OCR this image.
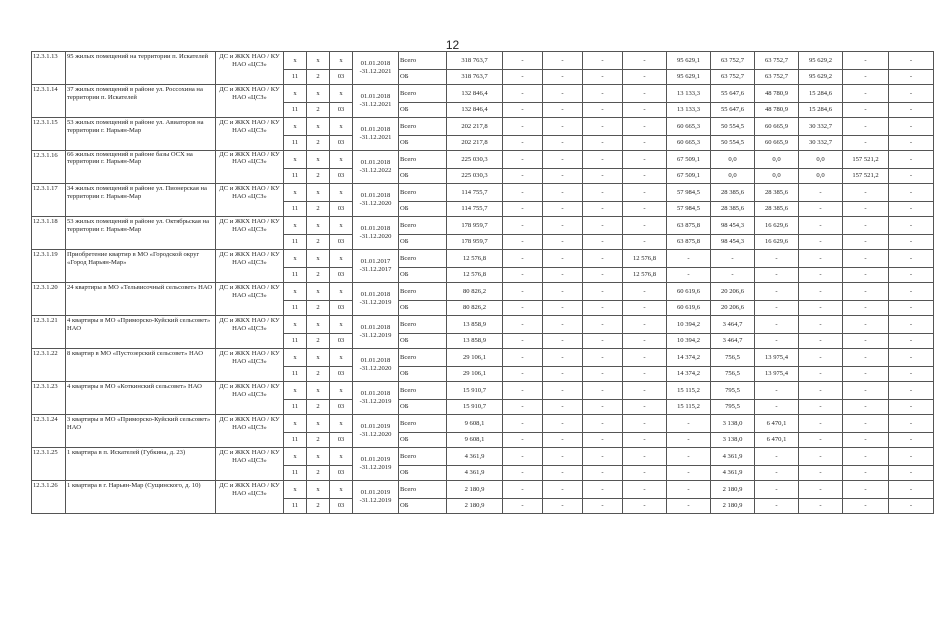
12
12.3.1.13	95 жилых помещений на территории п. Искателей	ДС и ЖКХ НАО / КУ НАО «ЦСЗ»	х	х	х	01.01.2018 -31.12.2021	Всего	318 763,7	-	-	-	-	95 629,1	63 752,7	63 752,7	95 629,2	-	-
			11	2	03		ОБ	318 763,7	-	-	-	-	95 629,1	63 752,7	63 752,7	95 629,2	-	-
12.3.1.14	37 жилых помещений в районе ул. Россохина на территории п. Искателей	ДС и ЖКХ НАО / КУ НАО «ЦСЗ»	х	х	х	01.01.2018 -31.12.2021	Всего	132 846,4	-	-	-	-	13 133,3	55 647,6	48 780,9	15 284,6	-	-
			11	2	03		ОБ	132 846,4	-	-	-	-	13 133,3	55 647,6	48 780,9	15 284,6	-	-
12.3.1.15	53 жилых помещений в районе ул. Авиаторов на территории г. Нарьян-Мар	ДС и ЖКХ НАО / КУ НАО «ЦСЗ»	х	х	х	01.01.2018 -31.12.2021	Всего	202 217,8	-	-	-	-	60 665,3	50 554,5	60 665,9	30 332,7	-	-
			11	2	03		ОБ	202 217,8	-	-	-	-	60 665,3	50 554,5	60 665,9	30 332,7	-	-
12.3.1.16	66 жилых помещений в районе базы ОСХ на территории г. Нарьян-Мар	ДС и ЖКХ НАО / КУ НАО «ЦСЗ»	х	х	х	01.01.2018 -31.12.2022	Всего	225 030,3	-	-	-	-	67 509,1	0,0	0,0	0,0	157 521,2	-
			11	2	03		ОБ	225 030,3	-	-	-	-	67 509,1	0,0	0,0	0,0	157 521,2	-
12.3.1.17	34 жилых помещений в районе ул. Пионерская на территории г. Нарьян-Мар	ДС и ЖКХ НАО / КУ НАО «ЦСЗ»	х	х	х	01.01.2018 -31.12.2020	Всего	114 755,7	-	-	-	-	57 984,5	28 385,6	28 385,6	-	-	-
			11	2	03		ОБ	114 755,7	-	-	-	-	57 984,5	28 385,6	28 385,6	-	-	-
12.3.1.18	53 жилых помещений в районе ул. Октябрьская на территории г. Нарьян-Мар	ДС и ЖКХ НАО / КУ НАО «ЦСЗ»	х	х	х	01.01.2018 -31.12.2020	Всего	178 959,7	-	-	-	-	63 875,8	98 454,3	16 629,6	-	-	-
			11	2	03		ОБ	178 959,7	-	-	-	-	63 875,8	98 454,3	16 629,6	-	-	-
12.3.1.19	Приобретение квартир в МО «Городской округ «Город Нарьян-Мар»	ДС и ЖКХ НАО / КУ НАО «ЦСЗ»	х	х	х	01.01.2017 -31.12.2017	Всего	12 576,8	-	-	-	12 576,8	-	-	-	-	-	-
			11	2	03		ОБ	12 576,8	-	-	-	12 576,8	-	-	-	-	-	-
12.3.1.20	24 квартиры в МО «Тельвисочный сельсовет» НАО	ДС и ЖКХ НАО / КУ НАО «ЦСЗ»	х	х	х	01.01.2018 -31.12.2019	Всего	80 826,2	-	-	-	-	60 619,6	20 206,6	-	-	-	-
			11	2	03		ОБ	80 826,2	-	-	-	-	60 619,6	20 206,6	-	-	-	-
12.3.1.21	4 квартиры в МО «Приморско-Куйский сельсовет» НАО	ДС и ЖКХ НАО / КУ НАО «ЦСЗ»	х	х	х	01.01.2018 -31.12.2019	Всего	13 858,9	-	-	-	-	10 394,2	3 464,7	-	-	-	-
			11	2	03		ОБ	13 858,9	-	-	-	-	10 394,2	3 464,7	-	-	-	-
12.3.1.22	8 квартир в МО «Пустозерский сельсовет» НАО	ДС и ЖКХ НАО / КУ НАО «ЦСЗ»	х	х	х	01.01.2018 -31.12.2020	Всего	29 106,1	-	-	-	-	14 374,2	756,5	13 975,4	-	-	-
			11	2	03		ОБ	29 106,1	-	-	-	-	14 374,2	756,5	13 975,4	-	-	-
12.3.1.23	4 квартиры в МО «Коткинский сельсовет» НАО	ДС и ЖКХ НАО / КУ НАО «ЦСЗ»	х	х	х	01.01.2018 -31.12.2019	Всего	15 910,7	-	-	-	-	15 115,2	795,5	-	-	-	-
			11	2	03		ОБ	15 910,7	-	-	-	-	15 115,2	795,5	-	-	-	-
12.3.1.24	3 квартиры в МО «Приморско-Куйский сельсовет» НАО	ДС и ЖКХ НАО / КУ НАО «ЦСЗ»	х	х	х	01.01.2019 -31.12.2020	Всего	9 608,1	-	-	-	-	-	3 138,0	6 470,1	-	-	-
			11	2	03		ОБ	9 608,1	-	-	-	-	-	3 138,0	6 470,1	-	-	-
12.3.1.25	1 квартира в п. Искателей (Губкина, д. 23)	ДС и ЖКХ НАО / КУ НАО «ЦСЗ»	х	х	х	01.01.2019 -31.12.2019	Всего	4 361,9	-	-	-	-	-	4 361,9	-	-	-	-
			11	2	03		ОБ	4 361,9	-	-	-	-	-	4 361,9	-	-	-	-
12.3.1.26	1 квартира в г. Нарьян-Мар (Сущинского, д. 10)	ДС и ЖКХ НАО / КУ НАО «ЦСЗ»	х	х	х	01.01.2019 -31.12.2019	Всего	2 180,9	-	-	-	-	-	2 180,9	-	-	-	-
			11	2	03		ОБ	2 180,9	-	-	-	-	-	2 180,9	-	-	-	-
